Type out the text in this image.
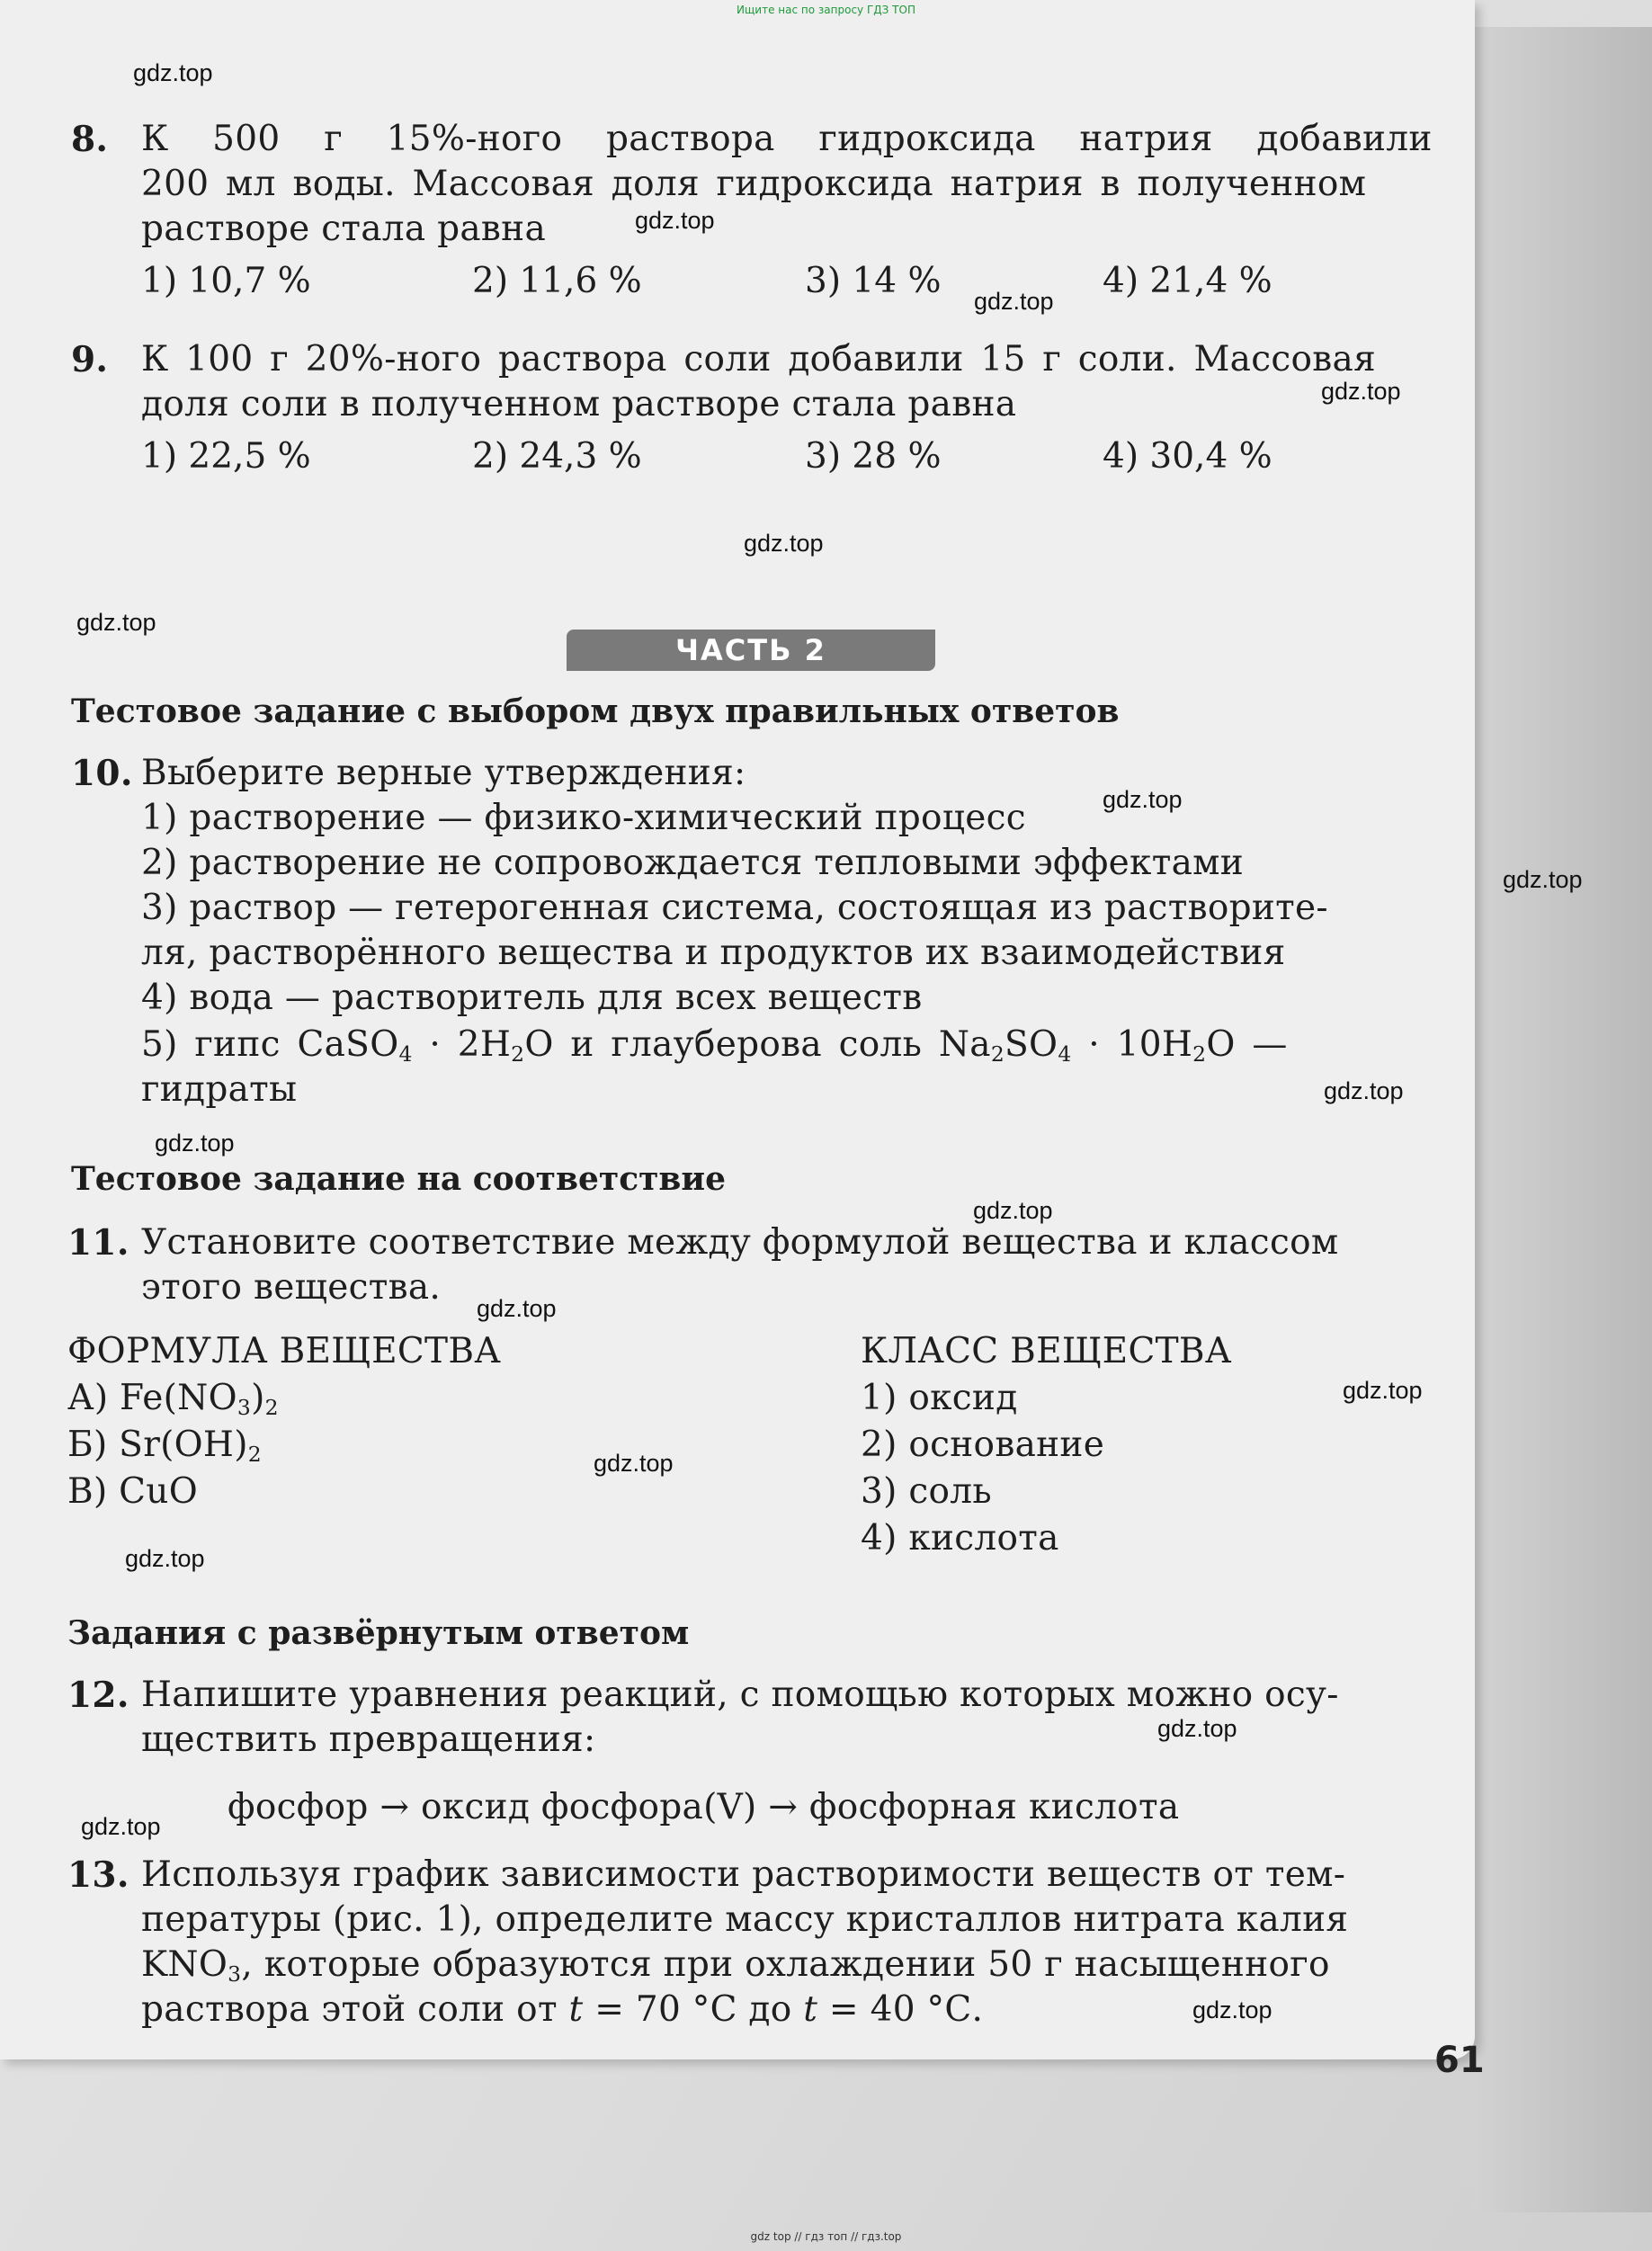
Ищите нас по запросу ГДЗ ТОП
gdz.top
gdz.top
gdz.top
gdz.top
gdz.top
gdz.top
gdz.top
gdz.top
gdz.top
gdz.top
gdz.top
gdz.top
gdz.top
gdz.top
gdz.top
gdz.top
gdz.top
gdz.top
8. К 500 г 15%-ного раствора гидроксида натрия добавили
200 мл воды. Массовая доля гидроксида натрия в полученном
растворе стала равна
1) 10,7 %	2) 11,6 %	3) 14 %	4) 21,4 %
9. К 100 г 20%-ного раствора соли добавили 15 г соли. Массовая
доля соли в полученном растворе стала равна
1) 22,5 %	2) 24,3 %	3) 28 %	4) 30,4 %
ЧАСТЬ 2
Тестовое задание с выбором двух правильных ответов
10. Выберите верные утверждения:
1) растворение — физико-химический процесс
2) растворение не сопровождается тепловыми эффектами
3) раствор — гетерогенная система, состоящая из растворите-
ля, растворённого вещества и продуктов их взаимодействия
4) вода — растворитель для всех веществ
5) гипс CaSO$_4$ · $2H_2O$ и глауберова соль $Na_2SO_4 \cdot 10H_2O$ —
гидраты
Тестовое задание на соответствие
11. Установите соответствие между формулой вещества и классом
этого вещества.
ФОРМУЛА ВЕЩЕСТВА	КЛАСС ВЕЩЕСТВА
А) $Fe(NO_3)_2$
Б) $Sr(OH)_2$
В) CuO
1) оксид
2) основание
3) соль
4) кислота
Задания с развёрнутым ответом
12. Напишите уравнения реакций, с помощью которых можно осу-
ществить превращения:
фосфор → оксид фосфора(V) → фосфорная кислота
13. Используя график зависимости растворимости веществ от тем-
пературы (рис. 1), определите массу кристаллов нитрата калия
$KNO_3$, которые образуются при охлаждении 50 г насыщенного
раствора этой соли от t = 70 °С до t = 40 °С.
61
gdz top // гдз топ // гдз.top
